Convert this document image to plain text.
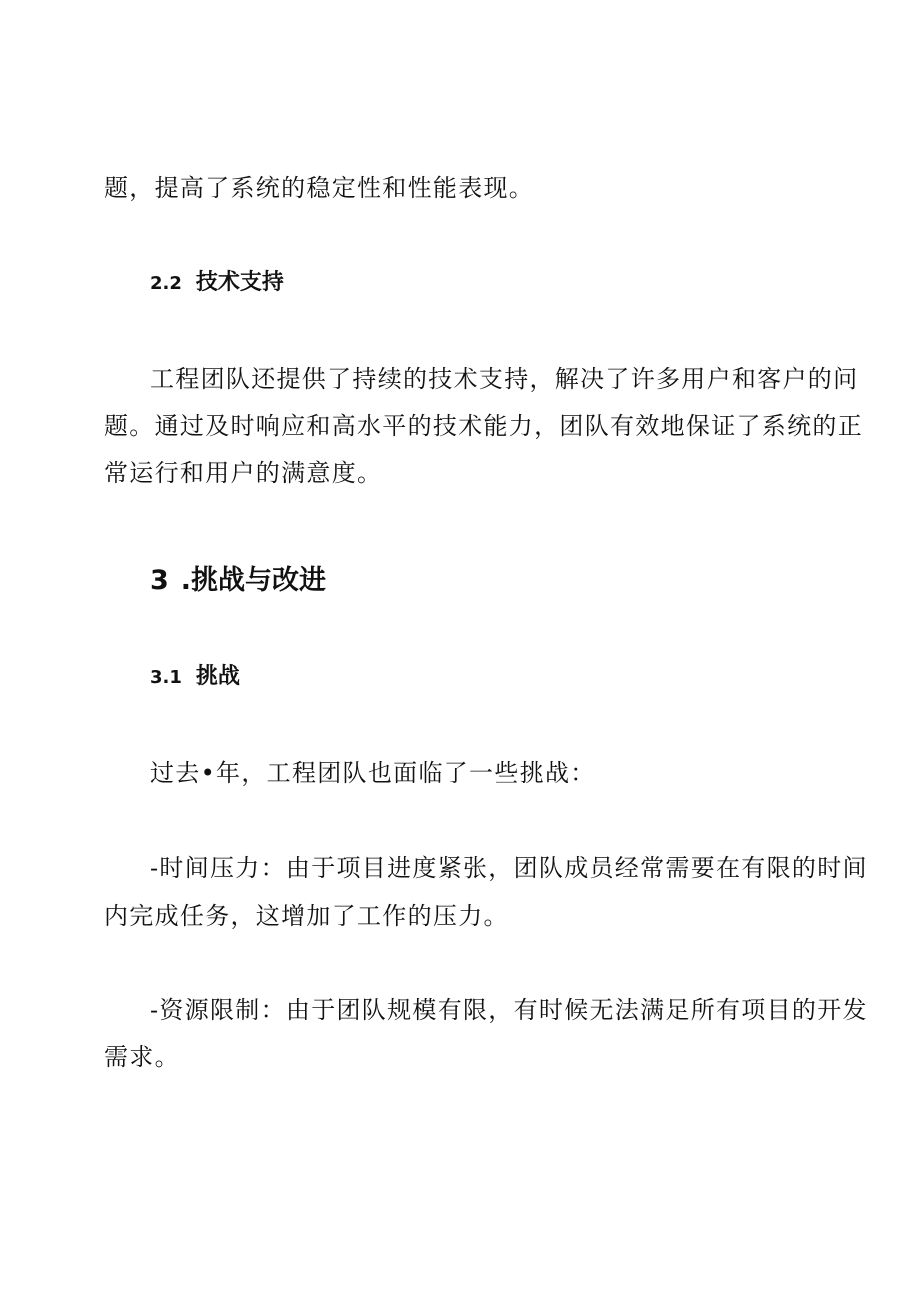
题，提高了系统的稳定性和性能表现。

2.2 技术支持

工程团队还提供了持续的技术支持，解决了许多用户和客户的问

题。通过及时响应和高水平的技术能力，团队有效地保证了系统的正

常运行和用户的满意度。

3 .挑战与改进
3.1 挑战

过去•年，工程团队也面临了一些挑战：

-时间压力：由于项目进度紧张，团队成员经常需要在有限的时间

内完成任务，这增加了工作的压力。

-资源限制：由于团队规模有限，有时候无法满足所有项目的开发

需求。
